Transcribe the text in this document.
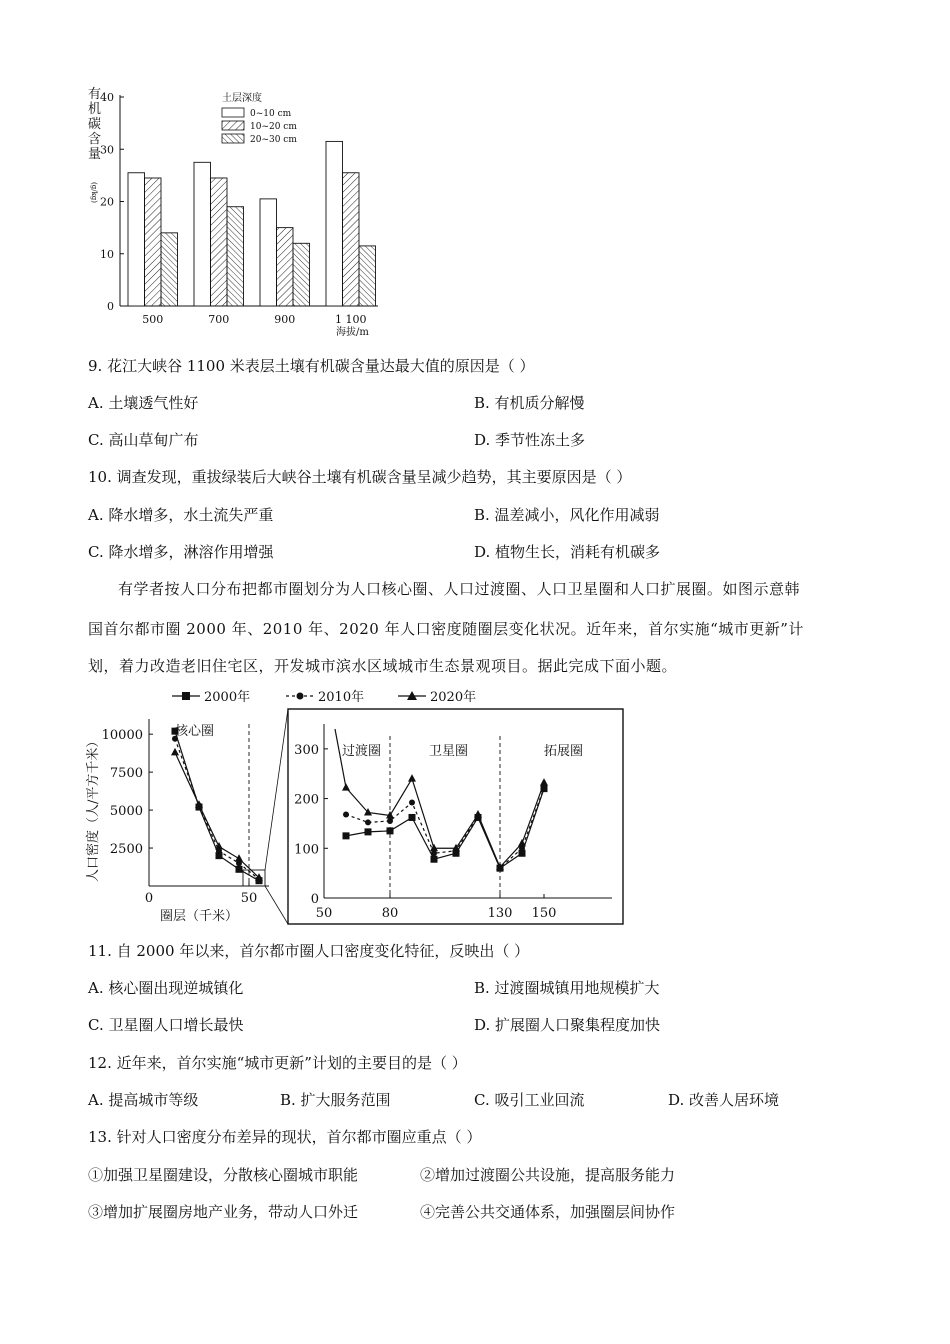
有
机
碳
含
量
(g/kg)
40
30
20
10
0
500	700	900	1 100
海拔/m
土层深度
0~10 cm
10~20 cm
20~30 cm
9. 花江大峡谷 1100 米表层土壤有机碳含量达最大值的原因是（ ）
A. 土壤透气性好	B. 有机质分解慢
C. 高山草甸广布	D. 季节性冻土多
10. 调查发现，重拔绿装后大峡谷土壤有机碳含量呈减少趋势，其主要原因是（ ）
A. 降水增多，水土流失严重	B. 温差减小，风化作用减弱
C. 降水增多，淋溶作用增强	D. 植物生长，消耗有机碳多
有学者按人口分布把都市圈划分为人口核心圈、人口过渡圈、人口卫星圈和人口扩展圈。如图示意韩
国首尔都市圈 2000 年、2010 年、2020 年人口密度随圈层变化状况。近年来，首尔实施“城市更新”计
划，着力改造老旧住宅区，开发城市滨水区域城市生态景观项目。据此完成下面小题。
2000年	2010年	2020年
人口密度（人/平方千米） 10000
7500
5000
2500
0	50
核心圈
圈层（千米）
300
200
100
0
50	80	130 150
过渡圈	卫星圈	拓展圈
11. 自 2000 年以来，首尔都市圈人口密度变化特征，反映出（ ）
A. 核心圈出现逆城镇化	B. 过渡圈城镇用地规模扩大
C. 卫星圈人口增长最快	D. 扩展圈人口聚集程度加快
12. 近年来，首尔实施“城市更新”计划的主要目的是（ ）
A. 提高城市等级	B. 扩大服务范围	C. 吸引工业回流	D. 改善人居环境
13. 针对人口密度分布差异的现状，首尔都市圈应重点（ ）
①加强卫星圈建设，分散核心圈城市职能	②增加过渡圈公共设施，提高服务能力
③增加扩展圈房地产业务，带动人口外迁	④完善公共交通体系，加强圈层间协作
